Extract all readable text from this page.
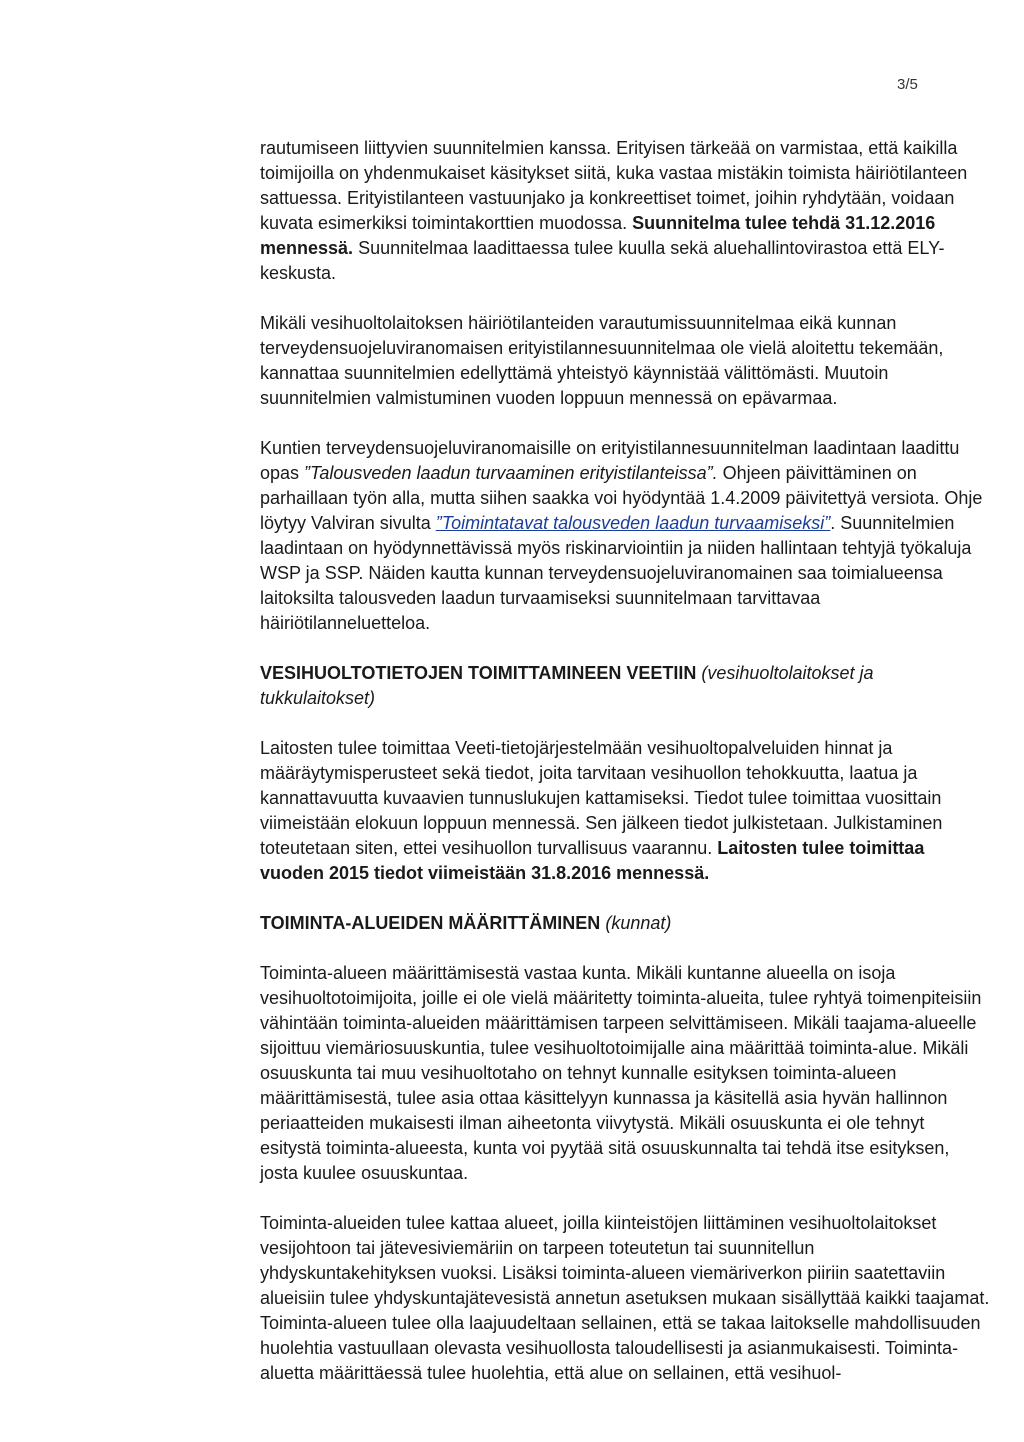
3/5

rautumiseen liittyvien suunnitelmien kanssa. Erityisen tärkeää on varmistaa, että kaikilla toimijoilla on yhdenmukaiset käsitykset siitä, kuka vastaa mistäkin toimista häiriötilanteen sattuessa. Erityistilanteen vastuunjako ja konkreettiset toimet, joihin ryhdytään, voidaan kuvata esimerkiksi toimintakorttien muodossa. Suunnitelma tulee tehdä 31.12.2016 mennessä. Suunnitelmaa laadittaessa tulee kuulla sekä aluehallintovirastoa että ELY-keskusta.

Mikäli vesihuoltolaitoksen häiriötilanteiden varautumissuunnitelmaa eikä kunnan terveydensuojeluviranomaisen erityistilannesuunnitelmaa ole vielä aloitettu tekemään, kannattaa suunnitelmien edellyttämä yhteistyö käynnistää välittömästi. Muutoin suunnitelmien valmistuminen vuoden loppuun mennessä on epävarmaa.

Kuntien terveydensuojeluviranomaisille on erityistilannesuunnitelman laadintaan laadittu opas ”Talousveden laadun turvaaminen erityistilanteissa”. Ohjeen päivittäminen on parhaillaan työn alla, mutta siihen saakka voi hyödyntää 1.4.2009 päivitettyä versiota. Ohje löytyy Valviran sivulta ”Toimintatavat talousveden laadun turvaamiseksi”. Suunnitelmien laadintaan on hyödynnettävissä myös riskinarviointiin ja niiden hallintaan tehtyjä työkaluja WSP ja SSP. Näiden kautta kunnan terveydensuojeluviranomainen saa toimialueensa laitoksilta talousveden laadun turvaamiseksi suunnitelmaan tarvittavaa häiriötilanneluetteloa.

VESIHUOLTOTIETOJEN TOIMITTAMINEEN VEETIIN (vesihuoltolaitokset ja tukkulaitokset)

Laitosten tulee toimittaa Veeti-tietojärjestelmään vesihuoltopalveluiden hinnat ja määräytymisperusteet sekä tiedot, joita tarvitaan vesihuollon tehokkuutta, laatua ja kannattavuutta kuvaavien tunnuslukujen kattamiseksi. Tiedot tulee toimittaa vuosittain viimeistään elokuun loppuun mennessä. Sen jälkeen tiedot julkistetaan. Julkistaminen toteutetaan siten, ettei vesihuollon turvallisuus vaarannu. Laitosten tulee toimittaa vuoden 2015 tiedot viimeistään 31.8.2016 mennessä.

TOIMINTA-ALUEIDEN MÄÄRITTÄMINEN (kunnat)

Toiminta-alueen määrittämisestä vastaa kunta. Mikäli kuntanne alueella on isoja vesihuoltotoimijoita, joille ei ole vielä määritetty toiminta-alueita, tulee ryhtyä toimenpiteisiin vähintään toiminta-alueiden määrittämisen tarpeen selvittämiseen. Mikäli taajama-alueelle sijoittuu viemäriosuuskuntia, tulee vesihuoltotoimijalle aina määrittää toiminta-alue. Mikäli osuuskunta tai muu vesihuoltotaho on tehnyt kunnalle esityksen toiminta-alueen määrittämisestä, tulee asia ottaa käsittelyyn kunnassa ja käsitellä asia hyvän hallinnon periaatteiden mukaisesti ilman aiheetonta viivytystä. Mikäli osuuskunta ei ole tehnyt esitystä toiminta-alueesta, kunta voi pyytää sitä osuuskunnalta tai tehdä itse esityksen, josta kuulee osuuskuntaa.

Toiminta-alueiden tulee kattaa alueet, joilla kiinteistöjen liittäminen vesihuoltolaitokset vesijohtoon tai jätevesiviemäriin on tarpeen toteutetun tai suunnitellun yhdyskuntakehityksen vuoksi. Lisäksi toiminta-alueen viemäriverkon piiriin saatettaviin alueisiin tulee yhdyskuntajätevesistä annetun asetuksen mukaan sisällyttää kaikki taajamat. Toiminta-alueen tulee olla laajuudeltaan sellainen, että se takaa laitokselle mahdollisuuden huolehtia vastuullaan olevasta vesihuollosta taloudellisesti ja asianmukaisesti. Toiminta-aluetta määrittäessä tulee huolehtia, että alue on sellainen, että vesihuol-
